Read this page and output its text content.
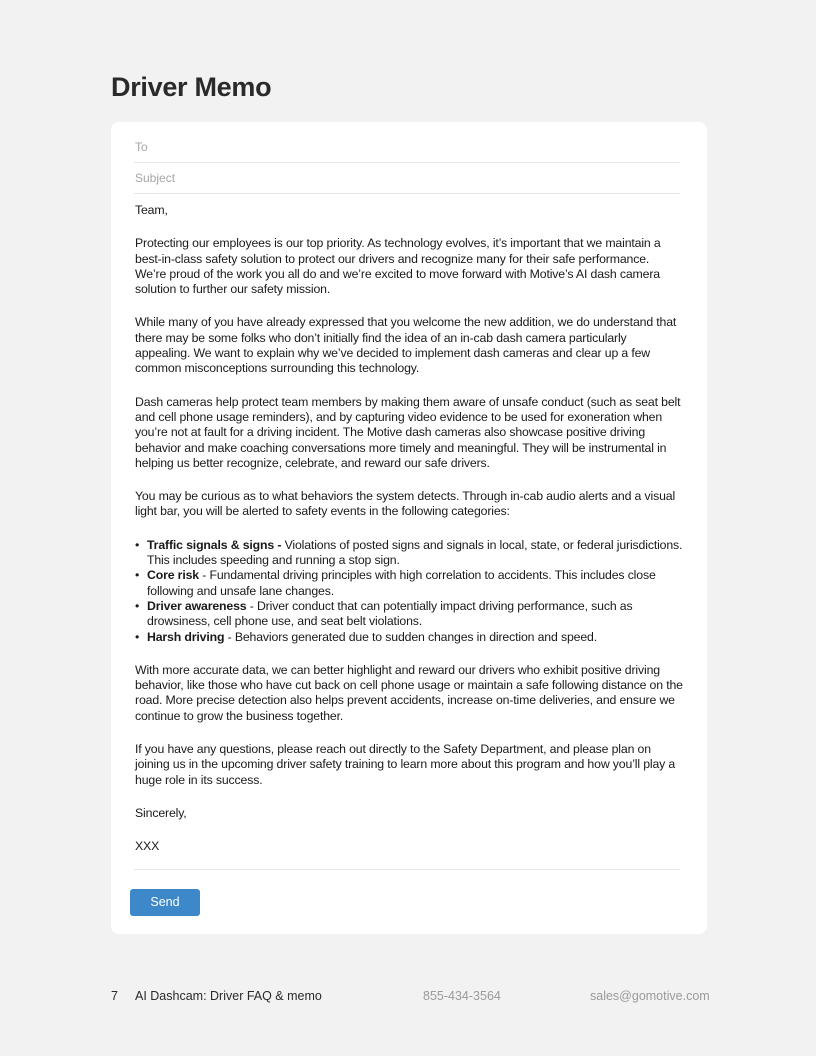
Driver Memo
To
Subject

Team,

Protecting our employees is our top priority. As technology evolves, it’s important that we maintain a best-in-class safety solution to protect our drivers and recognize many for their safe performance. We’re proud of the work you all do and we’re excited to move forward with Motive’s AI dash camera solution to further our safety mission.

While many of you have already expressed that you welcome the new addition, we do understand that there may be some folks who don’t initially find the idea of an in-cab dash camera particularly appealing. We want to explain why we’ve decided to implement dash cameras and clear up a few common misconceptions surrounding this technology.

Dash cameras help protect team members by making them aware of unsafe conduct (such as seat belt and cell phone usage reminders), and by capturing video evidence to be used for exoneration when you’re not at fault for a driving incident. The Motive dash cameras also showcase positive driving behavior and make coaching conversations more timely and meaningful. They will be instrumental in helping us better recognize, celebrate, and reward our safe drivers.

You may be curious as to what behaviors the system detects. Through in-cab audio alerts and a visual light bar, you will be alerted to safety events in the following categories:

• Traffic signals & signs - Violations of posted signs and signals in local, state, or federal jurisdictions. This includes speeding and running a stop sign.
• Core risk - Fundamental driving principles with high correlation to accidents. This includes close following and unsafe lane changes.
• Driver awareness - Driver conduct that can potentially impact driving performance, such as drowsiness, cell phone use, and seat belt violations.
• Harsh driving - Behaviors generated due to sudden changes in direction and speed.

With more accurate data, we can better highlight and reward our drivers who exhibit positive driving behavior, like those who have cut back on cell phone usage or maintain a safe following distance on the road. More precise detection also helps prevent accidents, increase on-time deliveries, and ensure we continue to grow the business together.

If you have any questions, please reach out directly to the Safety Department, and please plan on joining us in the upcoming driver safety training to learn more about this program and how you’ll play a huge role in its success.

Sincerely,

XXX

Send
7 AI Dashcam: Driver FAQ & memo	855-434-3564	sales@gomotive.com
